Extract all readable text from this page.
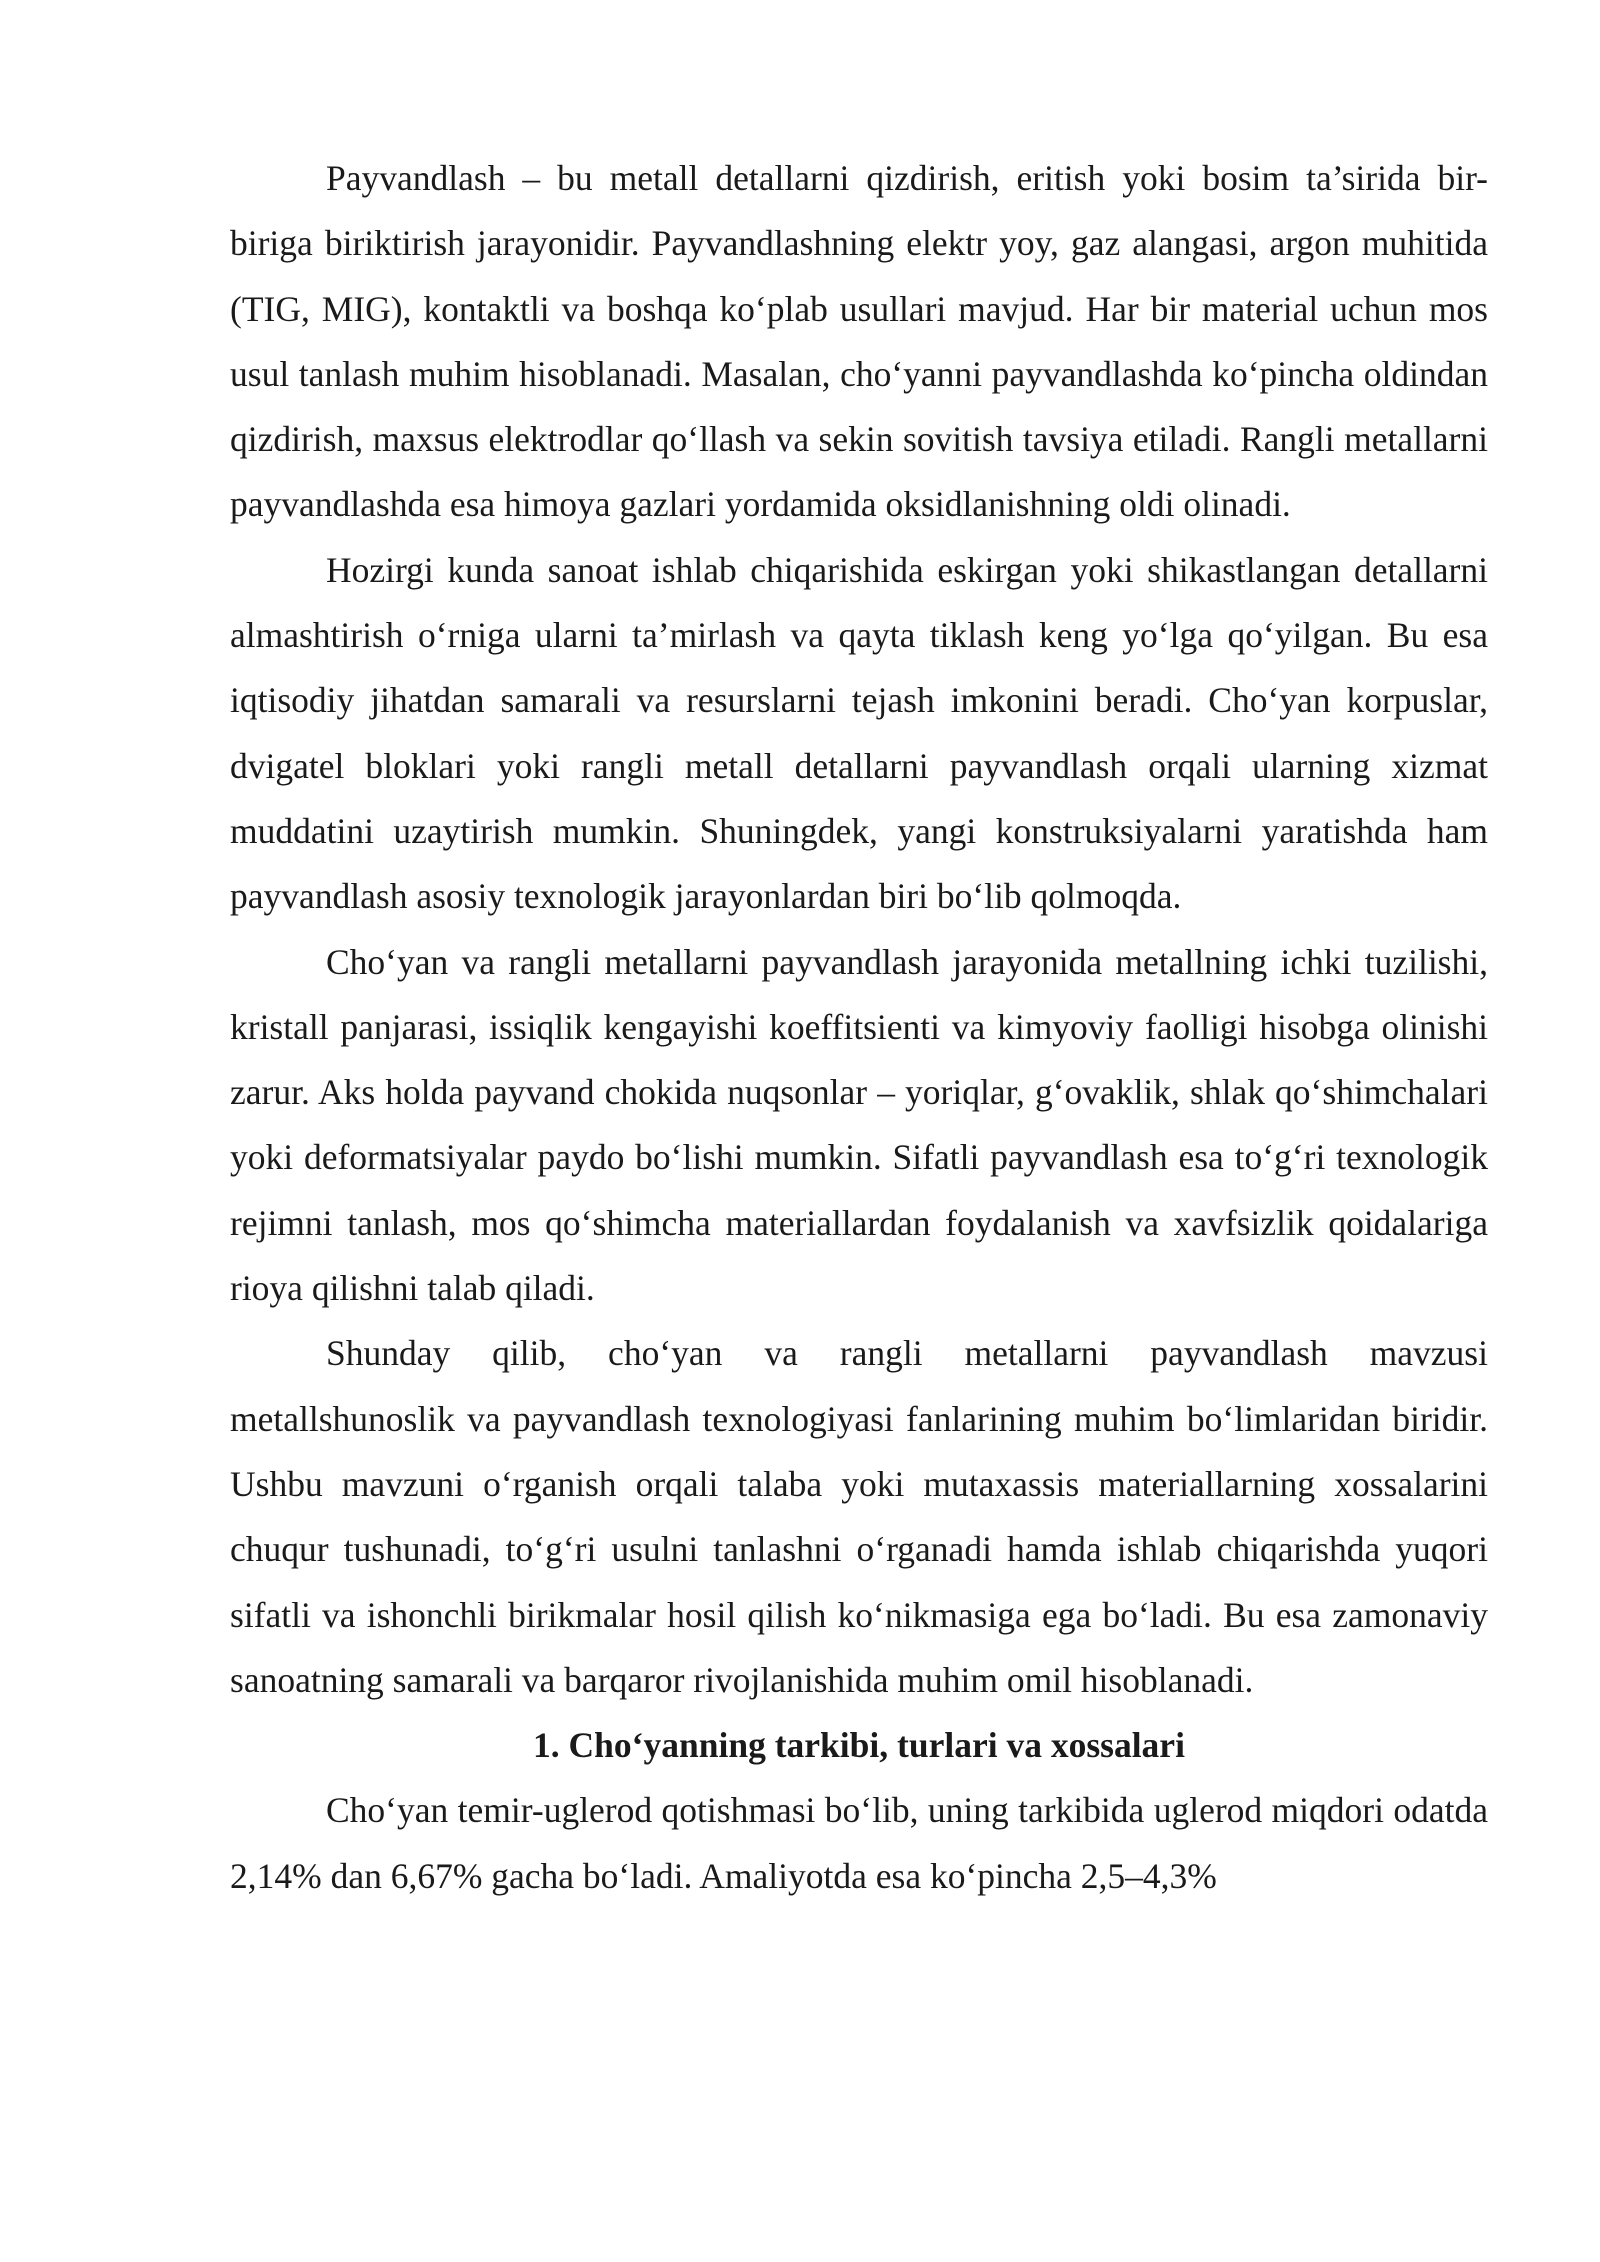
Payvandlash – bu metall detallarni qizdirish, eritish yoki bosim ta’sirida bir-biriga biriktirish jarayonidir. Payvandlashning elektr yoy, gaz alangasi, argon muhitida (TIG, MIG), kontaktli va boshqa ko‘plab usullari mavjud. Har bir material uchun mos usul tanlash muhim hisoblanadi. Masalan, cho‘yanni payvandlashda ko‘pincha oldindan qizdirish, maxsus elektrodlar qo‘llash va sekin sovitish tavsiya etiladi. Rangli metallarni payvandlashda esa himoya gazlari yordamida oksidlanishning oldi olinadi.

Hozirgi kunda sanoat ishlab chiqarishida eskirgan yoki shikastlangan detallarni almashtirish o‘rniga ularni ta’mirlash va qayta tiklash keng yo‘lga qo‘yilgan. Bu esa iqtisodiy jihatdan samarali va resurslarni tejash imkonini beradi. Cho‘yan korpuslar, dvigatel bloklari yoki rangli metall detallarni payvandlash orqali ularning xizmat muddatini uzaytirish mumkin. Shuningdek, yangi konstruksiyalarni yaratishda ham payvandlash asosiy texnologik jarayonlardan biri bo‘lib qolmoqda.

Cho‘yan va rangli metallarni payvandlash jarayonida metallning ichki tuzilishi, kristall panjarasi, issiqlik kengayishi koeffitsienti va kimyoviy faolligi hisobga olinishi zarur. Aks holda payvand chokida nuqsonlar – yoriqlar, g‘ovaklik, shlak qo‘shimchalari yoki deformatsiyalar paydo bo‘lishi mumkin. Sifatli payvandlash esa to‘g‘ri texnologik rejimni tanlash, mos qo‘shimcha materiallardan foydalanish va xavfsizlik qoidalariga rioya qilishni talab qiladi.

Shunday qilib, cho‘yan va rangli metallarni payvandlash mavzusi metallshunoslik va payvandlash texnologiyasi fanlarining muhim bo‘limlaridan biridir. Ushbu mavzuni o‘rganish orqali talaba yoki mutaxassis materiallarning xossalarini chuqur tushunadi, to‘g‘ri usulni tanlashni o‘rganadi hamda ishlab chiqarishda yuqori sifatli va ishonchli birikmalar hosil qilish ko‘nikmasiga ega bo‘ladi. Bu esa zamonaviy sanoatning samarali va barqaror rivojlanishida muhim omil hisoblanadi.

1. Cho‘yanning tarkibi, turlari va xossalari

Cho‘yan temir-uglerod qotishmasi bo‘lib, uning tarkibida uglerod miqdori odatda 2,14% dan 6,67% gacha bo‘ladi. Amaliyotda esa ko‘pincha 2,5–4,3%
